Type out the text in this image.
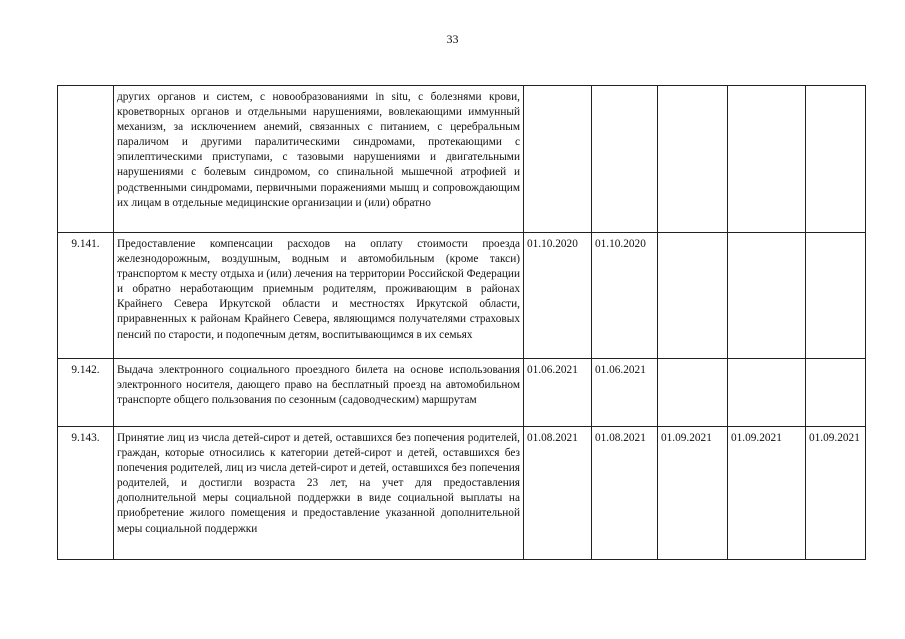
33
	других органов и систем, с новообразованиями in situ, с болезнями крови, кроветворных органов и отдельными нарушениями, вовлекающими иммунный механизм, за исключением анемий, связанных с питанием, с церебральным параличом и другими паралитическими синдромами, протекающими с эпилептическими приступами, с тазовыми нарушениями и двигательными нарушениями с болевым синдромом, со спинальной мышечной атрофией и родственными синдромами, первичными поражениями мышц и сопровождающим их лицам в отдельные медицинские организации и (или) обратно					
9.141.	Предоставление компенсации расходов на оплату стоимости проезда железнодорожным, воздушным, водным и автомобильным (кроме такси) транспортом к месту отдыха и (или) лечения на территории Российской Федерации и обратно неработающим приемным родителям, проживающим в районах Крайнего Севера Иркутской области и местностях Иркутской области, приравненных к районам Крайнего Севера, являющимся получателями страховых пенсий по старости, и подопечным детям, воспитывающимся в их семьях	01.10.2020	01.10.2020			
9.142.	Выдача электронного социального проездного билета на основе использования электронного носителя, дающего право на бесплатный проезд на автомобильном транспорте общего пользования по сезонным (садоводческим) маршрутам	01.06.2021	01.06.2021			
9.143.	Принятие лиц из числа детей-сирот и детей, оставшихся без попечения родителей, граждан, которые относились к категории детей-сирот и детей, оставшихся без попечения родителей, лиц из числа детей-сирот и детей, оставшихся без попечения родителей, и достигли возраста 23 лет, на учет для предоставления дополнительной меры социальной поддержки в виде социальной выплаты на приобретение жилого помещения и предоставление указанной дополнительной меры социальной поддержки	01.08.2021	01.08.2021	01.09.2021	01.09.2021	01.09.2021
